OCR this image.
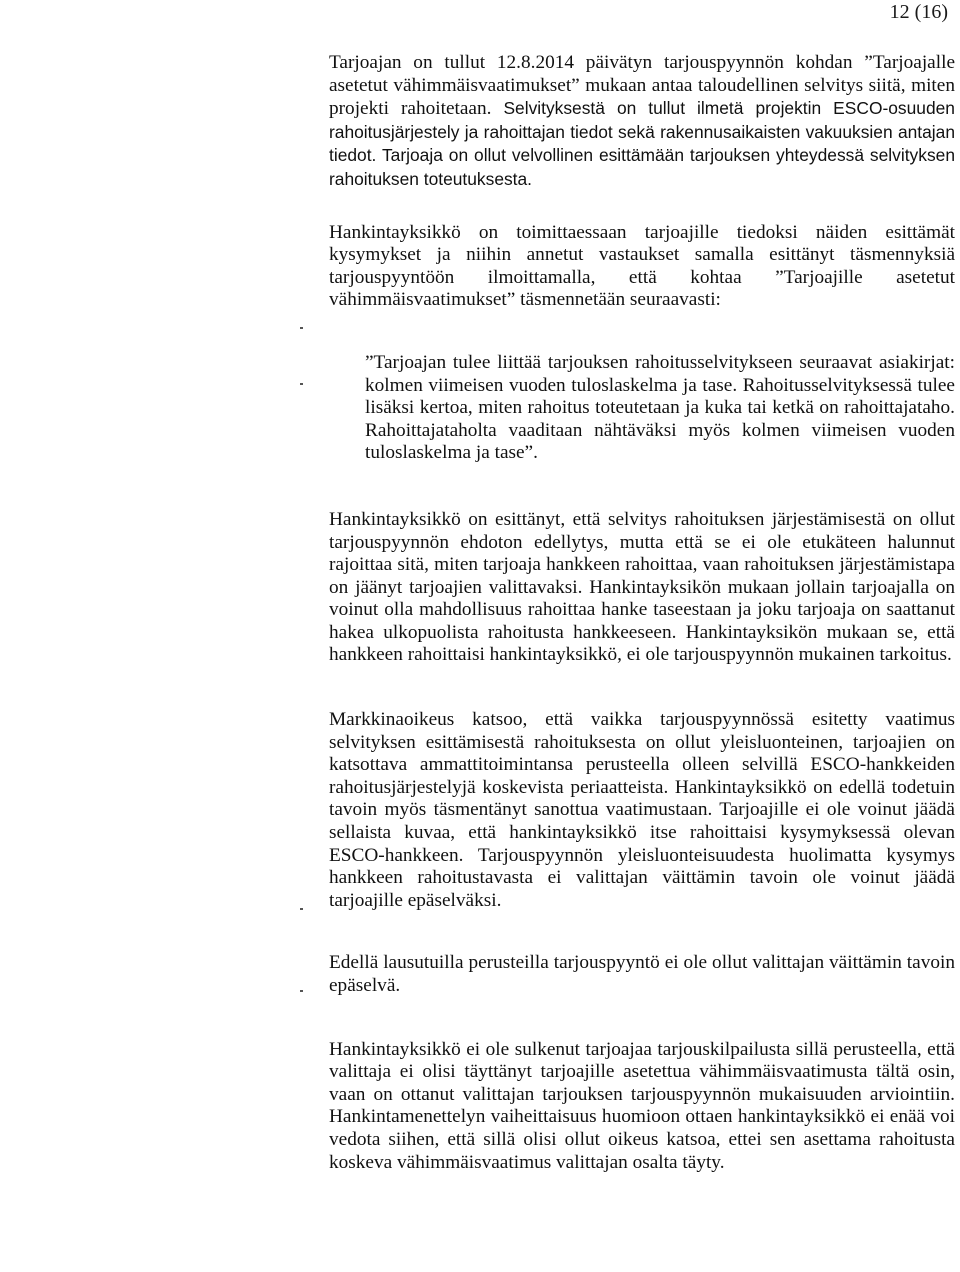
12 (16)

Tarjoajan on tullut 12.8.2014 päivätyn tarjouspyynnön kohdan ”Tarjoajalle asetetut vähimmäisvaatimukset” mukaan antaa taloudellinen selvitys siitä, miten projekti rahoitetaan. Selvityksestä on tullut ilmetä projektin ESCO-osuuden rahoitusjärjestely ja rahoittajan tiedot sekä rakennusaikaisten vakuuksien antajan tiedot. Tarjoaja on ollut velvollinen esittämään tarjouksen yhteydessä selvityksen rahoituksen toteutuksesta.

Hankintayksikkö on toimittaessaan tarjoajille tiedoksi näiden esittämät kysymykset ja niihin annetut vastaukset samalla esittänyt täsmennyksiä tarjouspyyntöön ilmoittamalla, että kohtaa ”Tarjoajille asetetut vähimmäisvaatimukset” täsmennetään seuraavasti:

”Tarjoajan tulee liittää tarjouksen rahoitusselvitykseen seuraavat asiakirjat: kolmen viimeisen vuoden tuloslaskelma ja tase. Rahoitusselvityksessä tulee lisäksi kertoa, miten rahoitus toteutetaan ja kuka tai ketkä on rahoittajataho. Rahoittajataholta vaaditaan nähtäväksi myös kolmen viimeisen vuoden tuloslaskelma ja tase”.

Hankintayksikkö on esittänyt, että selvitys rahoituksen järjestämisestä on ollut tarjouspyynnön ehdoton edellytys, mutta että se ei ole etukäteen halunnut rajoittaa sitä, miten tarjoaja hankkeen rahoittaa, vaan rahoituksen järjestämistapa on jäänyt tarjoajien valittavaksi. Hankintayksikön mukaan jollain tarjoajalla on voinut olla mahdollisuus rahoittaa hanke taseestaan ja joku tarjoaja on saattanut hakea ulkopuolista rahoitusta hankkeeseen. Hankintayksikön mukaan se, että hankkeen rahoittaisi hankintayksikkö, ei ole tarjouspyynnön mukainen tarkoitus.

Markkinaoikeus katsoo, että vaikka tarjouspyynnössä esitetty vaatimus selvityksen esittämisestä rahoituksesta on ollut yleisluonteinen, tarjoajien on katsottava ammattitoimintansa perusteella olleen selvillä ESCO-hankkeiden rahoitusjärjestelyjä koskevista periaatteista. Hankintayksikkö on edellä todetuin tavoin myös täsmentänyt sanottua vaatimustaan. Tarjoajille ei ole voinut jäädä sellaista kuvaa, että hankintayksikkö itse rahoittaisi kysymyksessä olevan ESCO-hankkeen. Tarjouspyynnön yleisluonteisuudesta huolimatta kysymys hankkeen rahoitustavasta ei valittajan väittämin tavoin ole voinut jäädä tarjoajille epäselväksi.

Edellä lausutuilla perusteilla tarjouspyyntö ei ole ollut valittajan väittämin tavoin epäselvä.

Hankintayksikkö ei ole sulkenut tarjoajaa tarjouskilpailusta sillä perusteella, että valittaja ei olisi täyttänyt tarjoajille asetettua vähimmäisvaatimusta tältä osin, vaan on ottanut valittajan tarjouksen tarjouspyynnön mukaisuuden arviointiin. Hankintamenettelyn vaiheittaisuus huomioon ottaen hankintayksikkö ei enää voi vedota siihen, että sillä olisi ollut oikeus katsoa, ettei sen asettama rahoitusta koskeva vähimmäisvaatimus valittajan osalta täyty.
